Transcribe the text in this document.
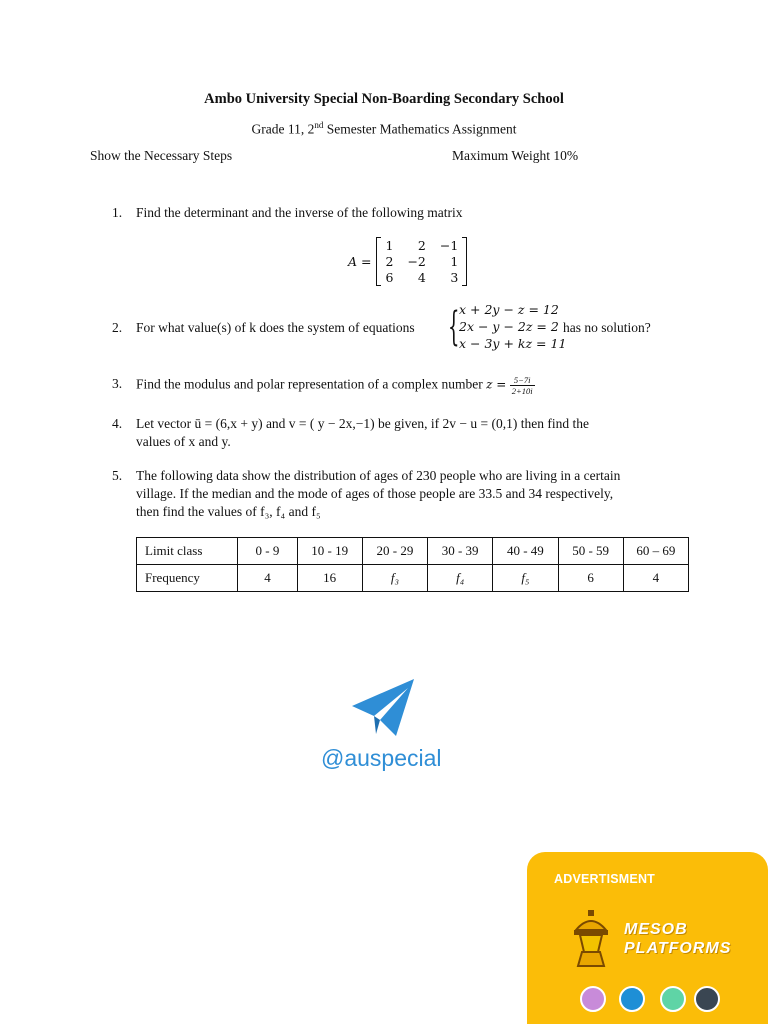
Ambo University Special Non-Boarding Secondary School
Grade 11, 2nd Semester Mathematics Assignment
Show the Necessary Steps	Maximum Weight 10%
1.	Find the determinant and the inverse of the following matrix
A =
1	2	−1
2	−2	1
6	4	3
2.	For what value(s) of k does the system of equations { x + 2y − z = 12
2x − y − 2z = 2
x − 3y + kz = 11
has no solution?
3.	Find the modulus and polar representation of a complex number $z = \frac{5-7i}{2+10i}$
4.	Let vector ū = (6,x + y) and v = ( y − 2x,−1) be given, if 2v − u = (0,1) then find the
values of x and y.
5.	The following data show the distribution of ages of 230 people who are living in a certain
village. If the median and the mode of ages of those people are 33.5 and 34 respectively,
then find the values of f₃, f₄ and f₅
Limit class	0 - 9	10 - 19	20 - 29	30 - 39	40 - 49	50 - 59	60 – 69
Frequency	4	16	f₃	f₄	f₅	6	4
@auspecial
ADVERTISMENT
MESOB
PLATFORMS
